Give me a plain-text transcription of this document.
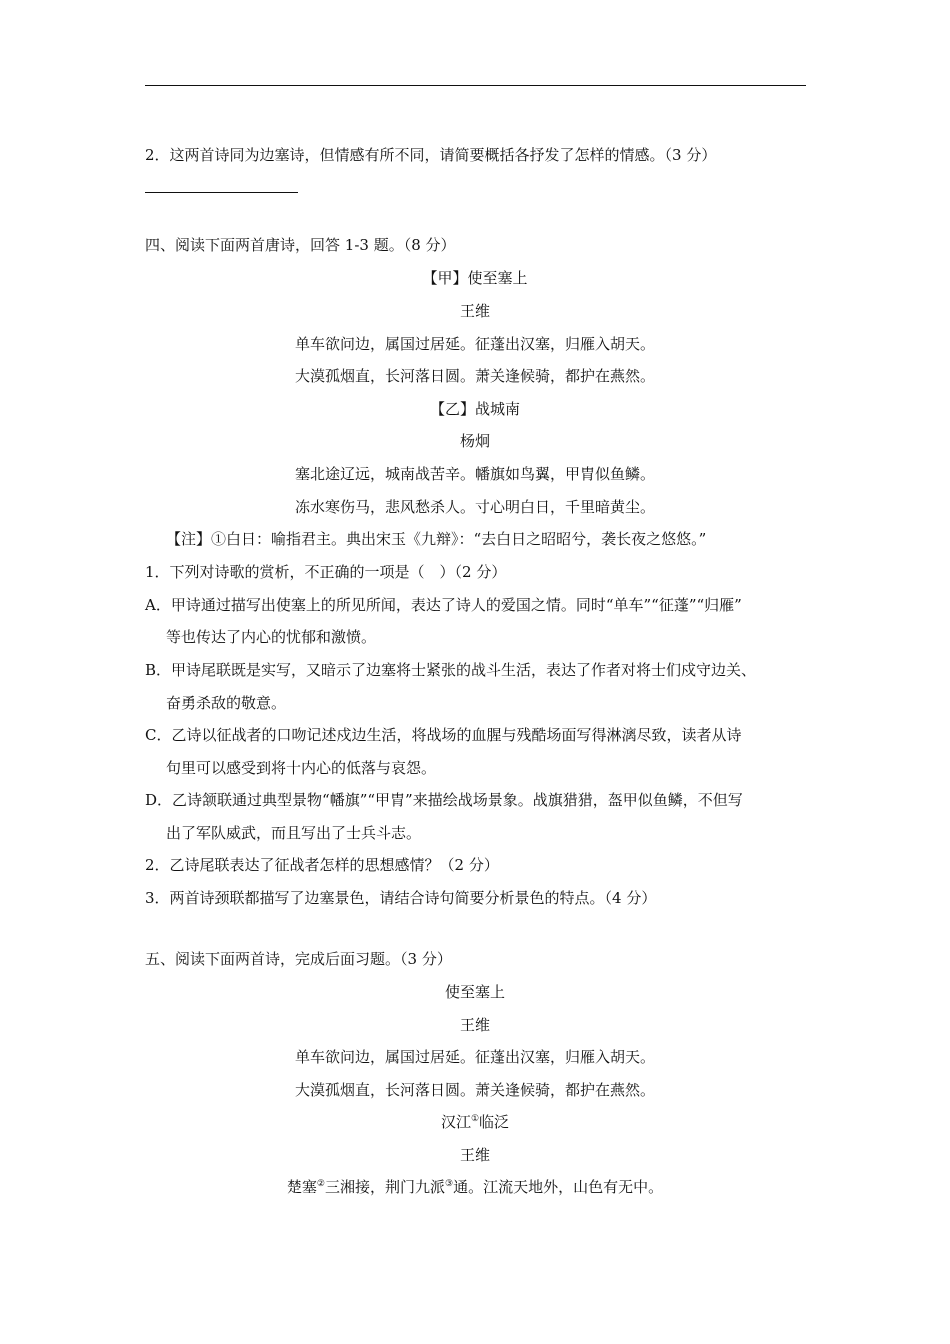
2．这两首诗同为边塞诗，但情感有所不同，请简要概括各抒发了怎样的情感。（3 分）
四、阅读下面两首唐诗，回答 1-3 题。（8 分）
【甲】使至塞上
王维
单车欲问边，属国过居延。征蓬出汉塞，归雁入胡天。
大漠孤烟直，长河落日圆。萧关逢候骑，都护在燕然。
【乙】战城南
杨炯
塞北途辽远，城南战苦辛。幡旗如鸟翼，甲胄似鱼鳞。
冻水寒伤马，悲风愁杀人。寸心明白日，千里暗黄尘。
【注】①白日：喻指君主。典出宋玉《九辩》：“去白日之昭昭兮，袭长夜之悠悠。”
1．下列对诗歌的赏析，不正确的一项是（　）（2 分）
A．甲诗通过描写出使塞上的所见所闻，表达了诗人的爱国之情。同时“单车”“征蓬”“归雁”
等也传达了内心的忧郁和激愤。
B．甲诗尾联既是实写，又暗示了边塞将士紧张的战斗生活，表达了作者对将士们戍守边关、
奋勇杀敌的敬意。
C．乙诗以征战者的口吻记述戍边生活，将战场的血腥与残酷场面写得淋漓尽致，读者从诗
句里可以感受到将十内心的低落与哀怨。
D．乙诗颔联通过典型景物“幡旗”“甲胄”来描绘战场景象。战旗猎猎，盔甲似鱼鳞，不但写
出了军队威武，而且写出了士兵斗志。
2．乙诗尾联表达了征战者怎样的思想感情？（2 分）
3．两首诗颈联都描写了边塞景色，请结合诗句简要分析景色的特点。（4 分）
五、阅读下面两首诗，完成后面习题。（3 分）
使至塞上
王维
单车欲问边，属国过居延。征蓬出汉塞，归雁入胡天。
大漠孤烟直，长河落日圆。萧关逢候骑，都护在燕然。
汉江①临泛
王维
楚塞②三湘接，荆门九派③通。江流天地外，山色有无中。
